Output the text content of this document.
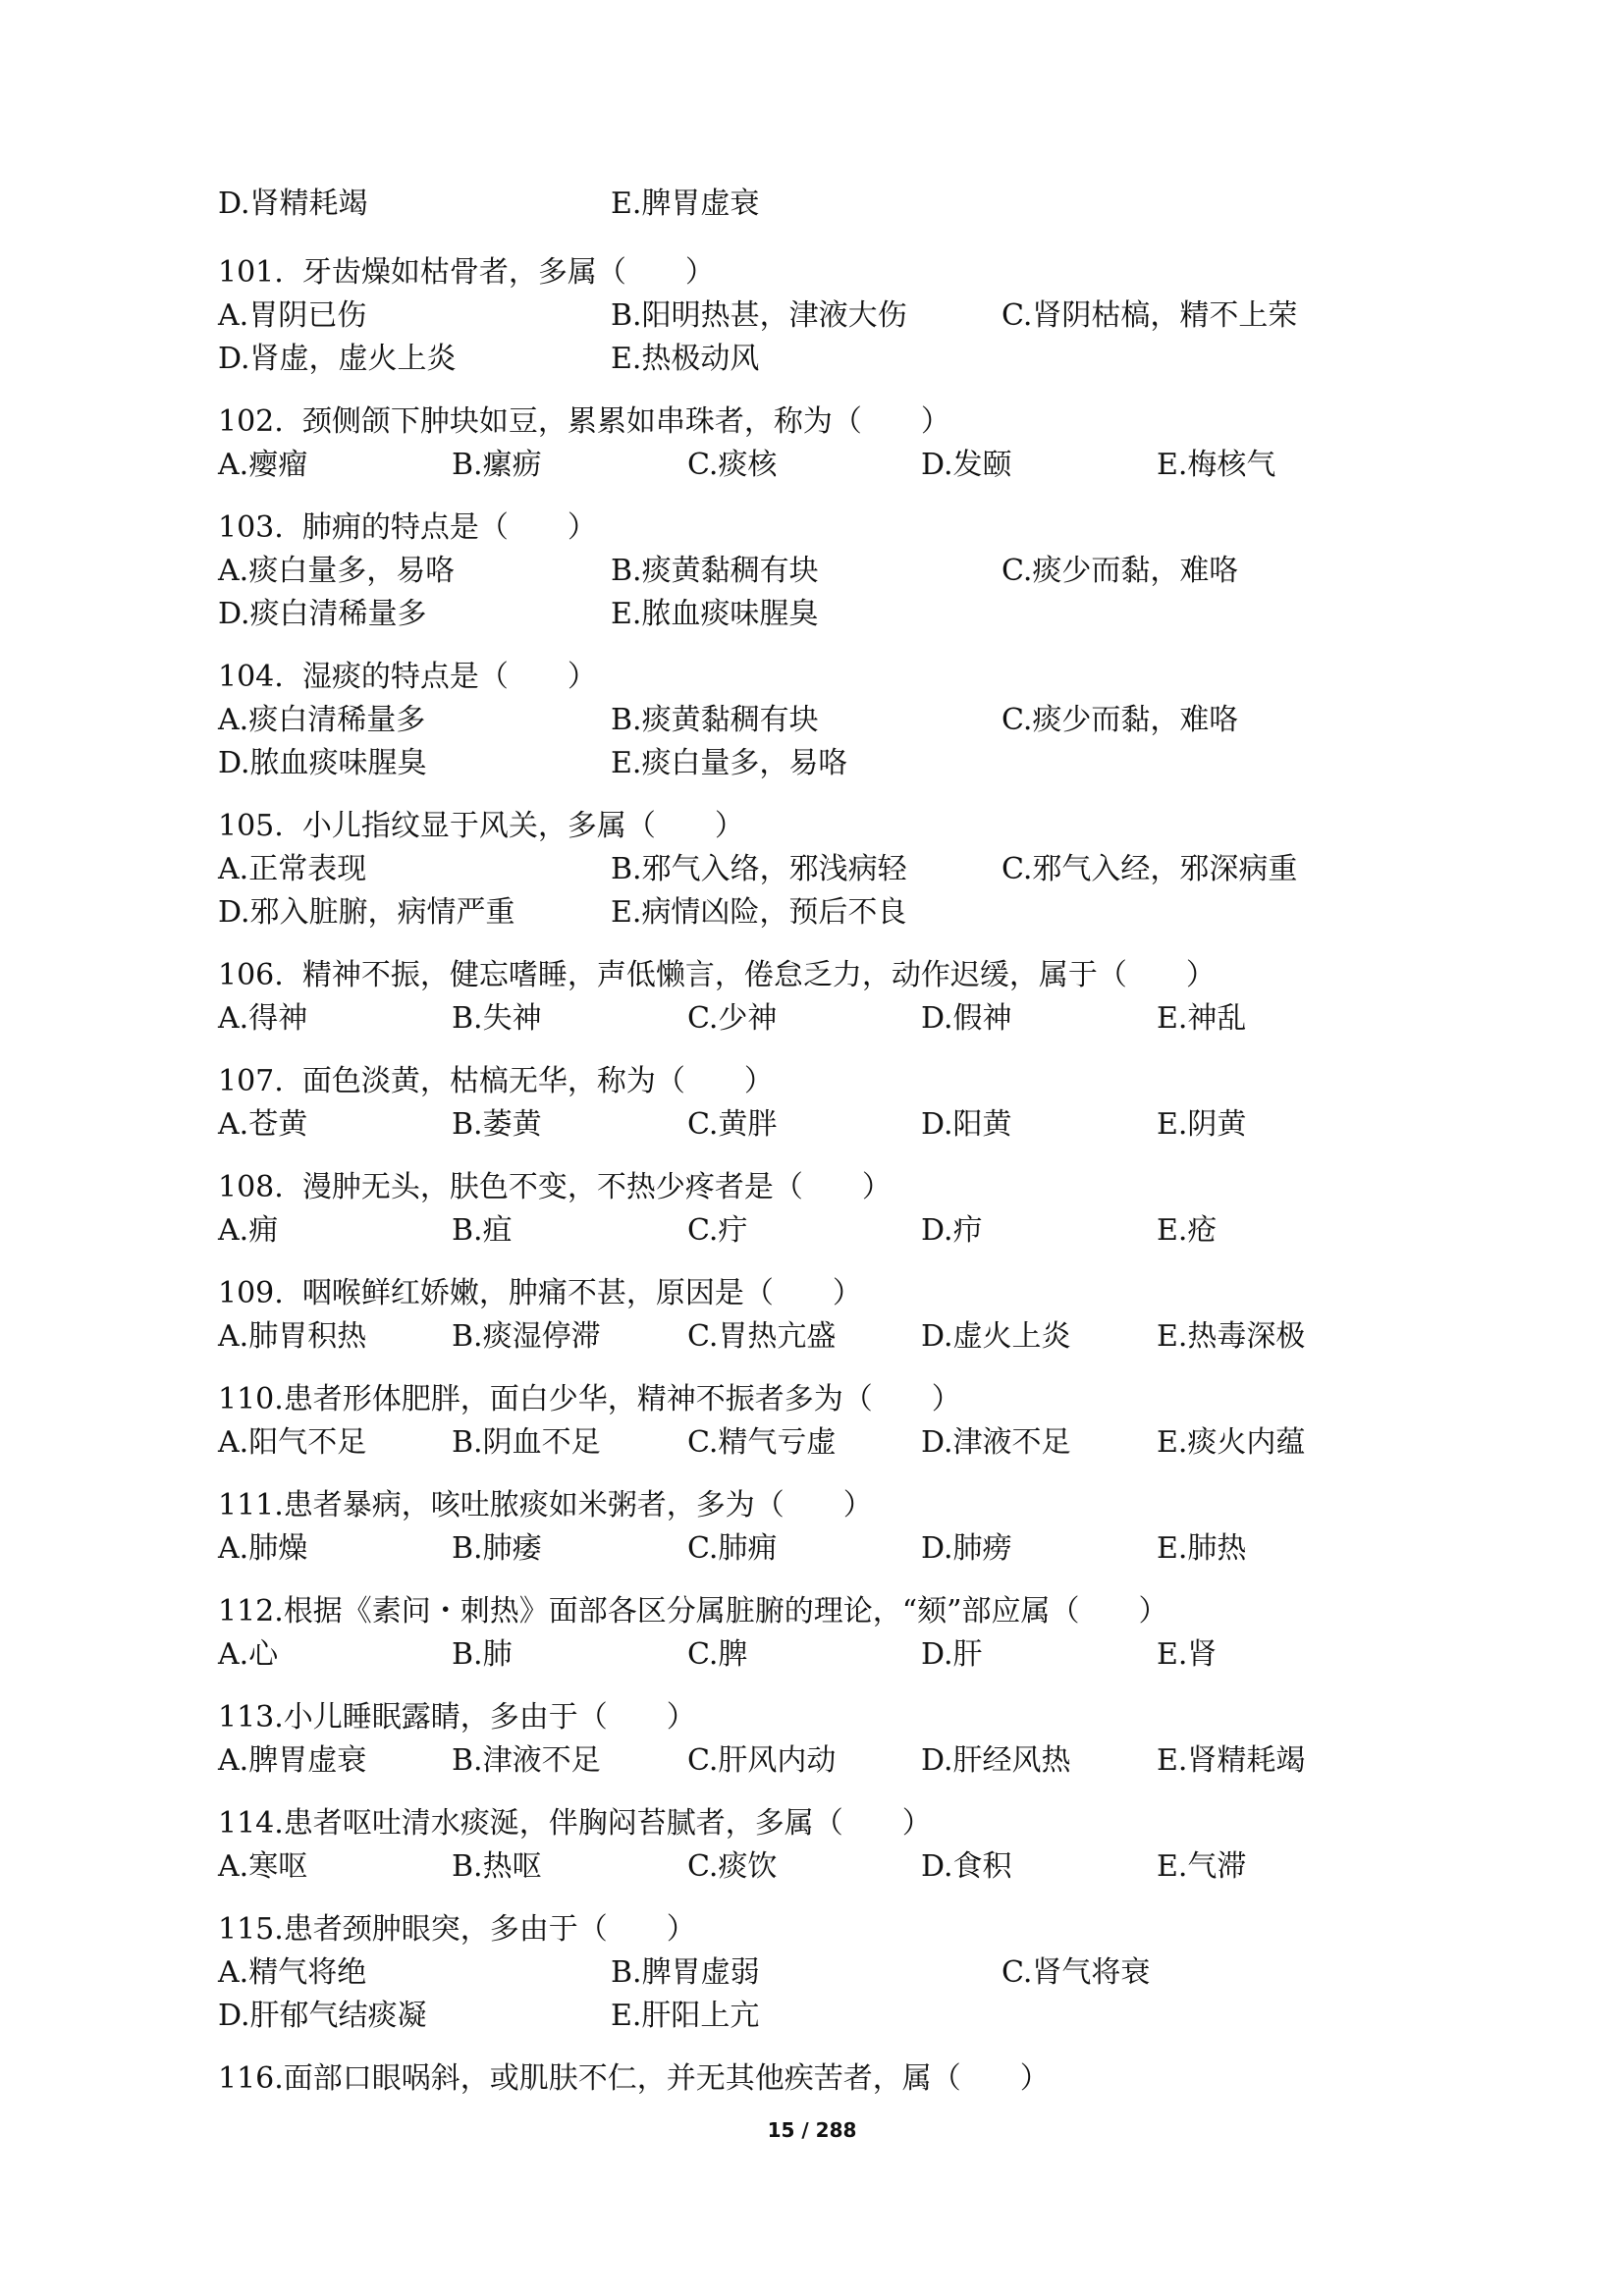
D.肾精耗竭	E.脾胃虚衰
101.  牙齿燥如枯骨者，多属（　　）
A.胃阴已伤	B.阳明热甚，津液大伤	C.肾阴枯槁，精不上荣
D.肾虚，虚火上炎	E.热极动风
102.  颈侧颌下肿块如豆，累累如串珠者，称为（　　）
A.瘿瘤	B.瘰疬	C.痰核	D.发颐	E.梅核气
103.  肺痈的特点是（　　）
A.痰白量多，易咯	B.痰黄黏稠有块	C.痰少而黏，难咯
D.痰白清稀量多	E.脓血痰味腥臭
104.  湿痰的特点是（　　）
A.痰白清稀量多	B.痰黄黏稠有块	C.痰少而黏，难咯
D.脓血痰味腥臭	E.痰白量多，易咯
105.  小儿指纹显于风关，多属（　　）
A.正常表现	B.邪气入络，邪浅病轻	C.邪气入经，邪深病重
D.邪入脏腑，病情严重	E.病情凶险，预后不良
106.  精神不振，健忘嗜睡，声低懒言，倦怠乏力，动作迟缓，属于（　　）
A.得神	B.失神	C.少神	D.假神	E.神乱
107.  面色淡黄，枯槁无华，称为（　　）
A.苍黄	B.萎黄	C.黄胖	D.阳黄	E.阴黄
108.  漫肿无头，肤色不变，不热少疼者是（　　）
A.痈	B.疽	C.疔	D.疖	E.疮
109.  咽喉鲜红娇嫩，肿痛不甚，原因是（　　）
A.肺胃积热	B.痰湿停滞	C.胃热亢盛	D.虚火上炎	E.热毒深极
110.患者形体肥胖，面白少华，精神不振者多为（　　）
A.阳气不足	B.阴血不足	C.精气亏虚	D.津液不足	E.痰火内蕴
111.患者暴病，咳吐脓痰如米粥者，多为（　　）
A.肺燥	B.肺痿	C.肺痈	D.肺痨	E.肺热
112.根据《素问・刺热》面部各区分属脏腑的理论，“颏”部应属（　　）
A.心	B.肺	C.脾	D.肝	E.肾
113.小儿睡眠露睛，多由于（　　）
A.脾胃虚衰	B.津液不足	C.肝风内动	D.肝经风热	E.肾精耗竭
114.患者呕吐清水痰涎，伴胸闷苔腻者，多属（　　）
A.寒呕	B.热呕	C.痰饮	D.食积	E.气滞
115.患者颈肿眼突，多由于（　　）
A.精气将绝	B.脾胃虚弱	C.肾气将衰
D.肝郁气结痰凝	E.肝阳上亢
116.面部口眼㖞斜，或肌肤不仁，并无其他疾苦者，属（　　）
15 / 288
